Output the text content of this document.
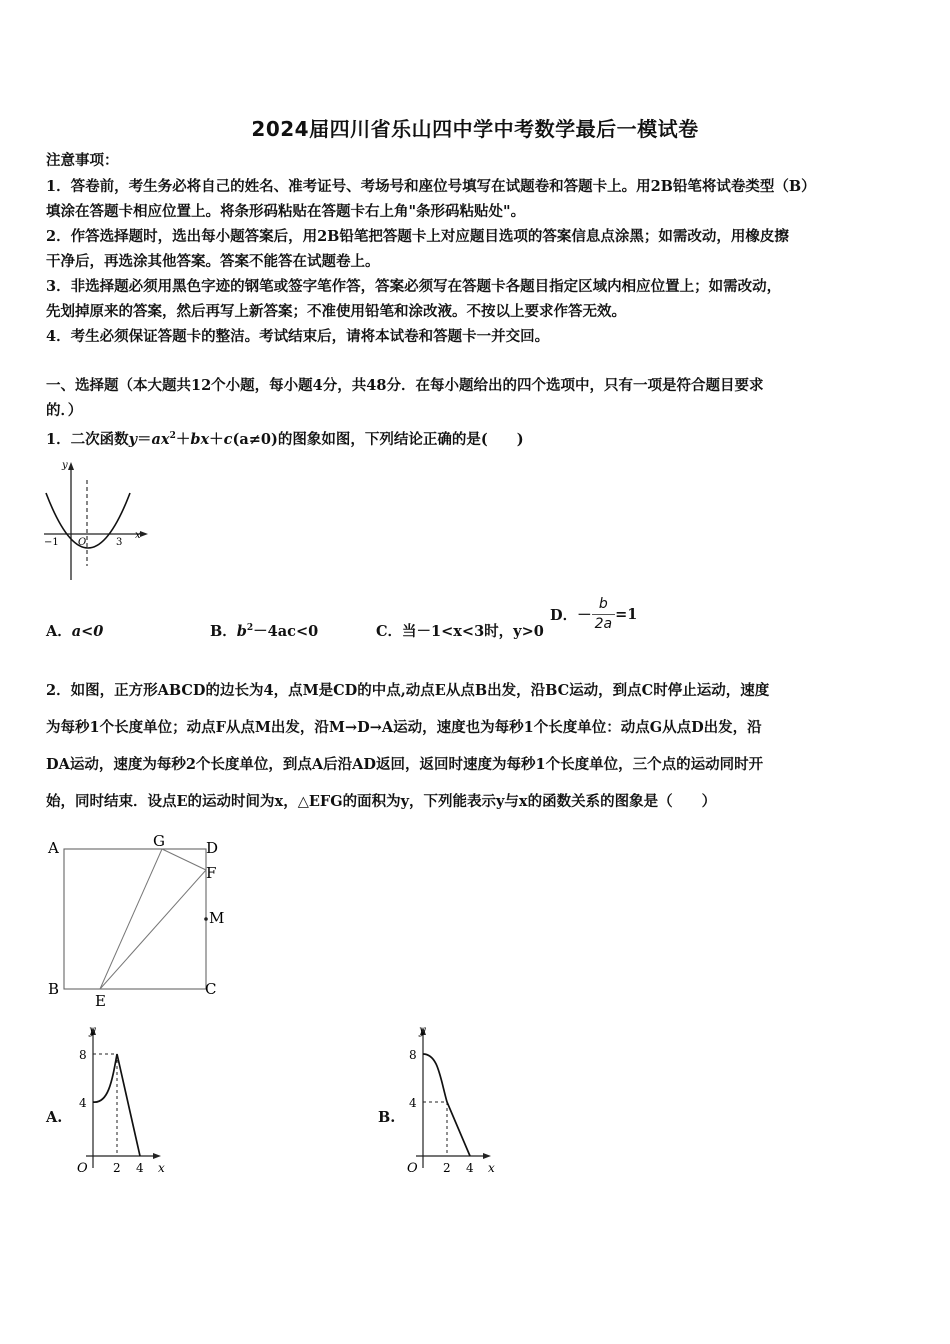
2024届四川省乐山四中学中考数学最后一模试卷
注意事项：
1．答卷前，考生务必将自己的姓名、准考证号、考场号和座位号填写在试题卷和答题卡上。用2B铅笔将试卷类型（B）
填涂在答题卡相应位置上。将条形码粘贴在答题卡右上角"条形码粘贴处"。
2．作答选择题时，选出每小题答案后，用2B铅笔把答题卡上对应题目选项的答案信息点涂黑；如需改动，用橡皮擦
干净后，再选涂其他答案。答案不能答在试题卷上。
3．非选择题必须用黑色字迹的钢笔或签字笔作答，答案必须写在答题卡各题目指定区域内相应位置上；如需改动，
先划掉原来的答案，然后再写上新答案；不准使用铅笔和涂改液。不按以上要求作答无效。
4．考生必须保证答题卡的整洁。考试结束后，请将本试卷和答题卡一并交回。
一、选择题（本大题共12个小题，每小题4分，共48分．在每小题给出的四个选项中，只有一项是符合题目要求
的．）
1．二次函数$y=ax^2+bx+c(a\ne 0)$的图象如图，下列结论正确的是(　　)
y
x
−1 O	3
A．a<0	B．$b^2-4ac<0$	C．当－1<x<3时，y>0
D．－ $\frac{b}{2a} =1$
2．如图，正方形ABCD的边长为4，点M是CD的中点,动点E从点B出发，沿BC运动，到点C时停止运动，速度
为每秒1个长度单位；动点F从点M出发，沿M→D→A运动，速度也为每秒1个长度单位：动点G从点D出发，沿
DA运动，速度为每秒2个长度单位，到点A后沿AD返回，返回时速度为每秒1个长度单位，三个点的运动同时开
始，同时结束．设点E的运动时间为x，△EFG的面积为y，下列能表示y与x的函数关系的图象是（　　）
A	G	D
F
M
B
E
C
A.
y
8
4
O 2 4 x
B.
y
8
4
O 2 4 x
